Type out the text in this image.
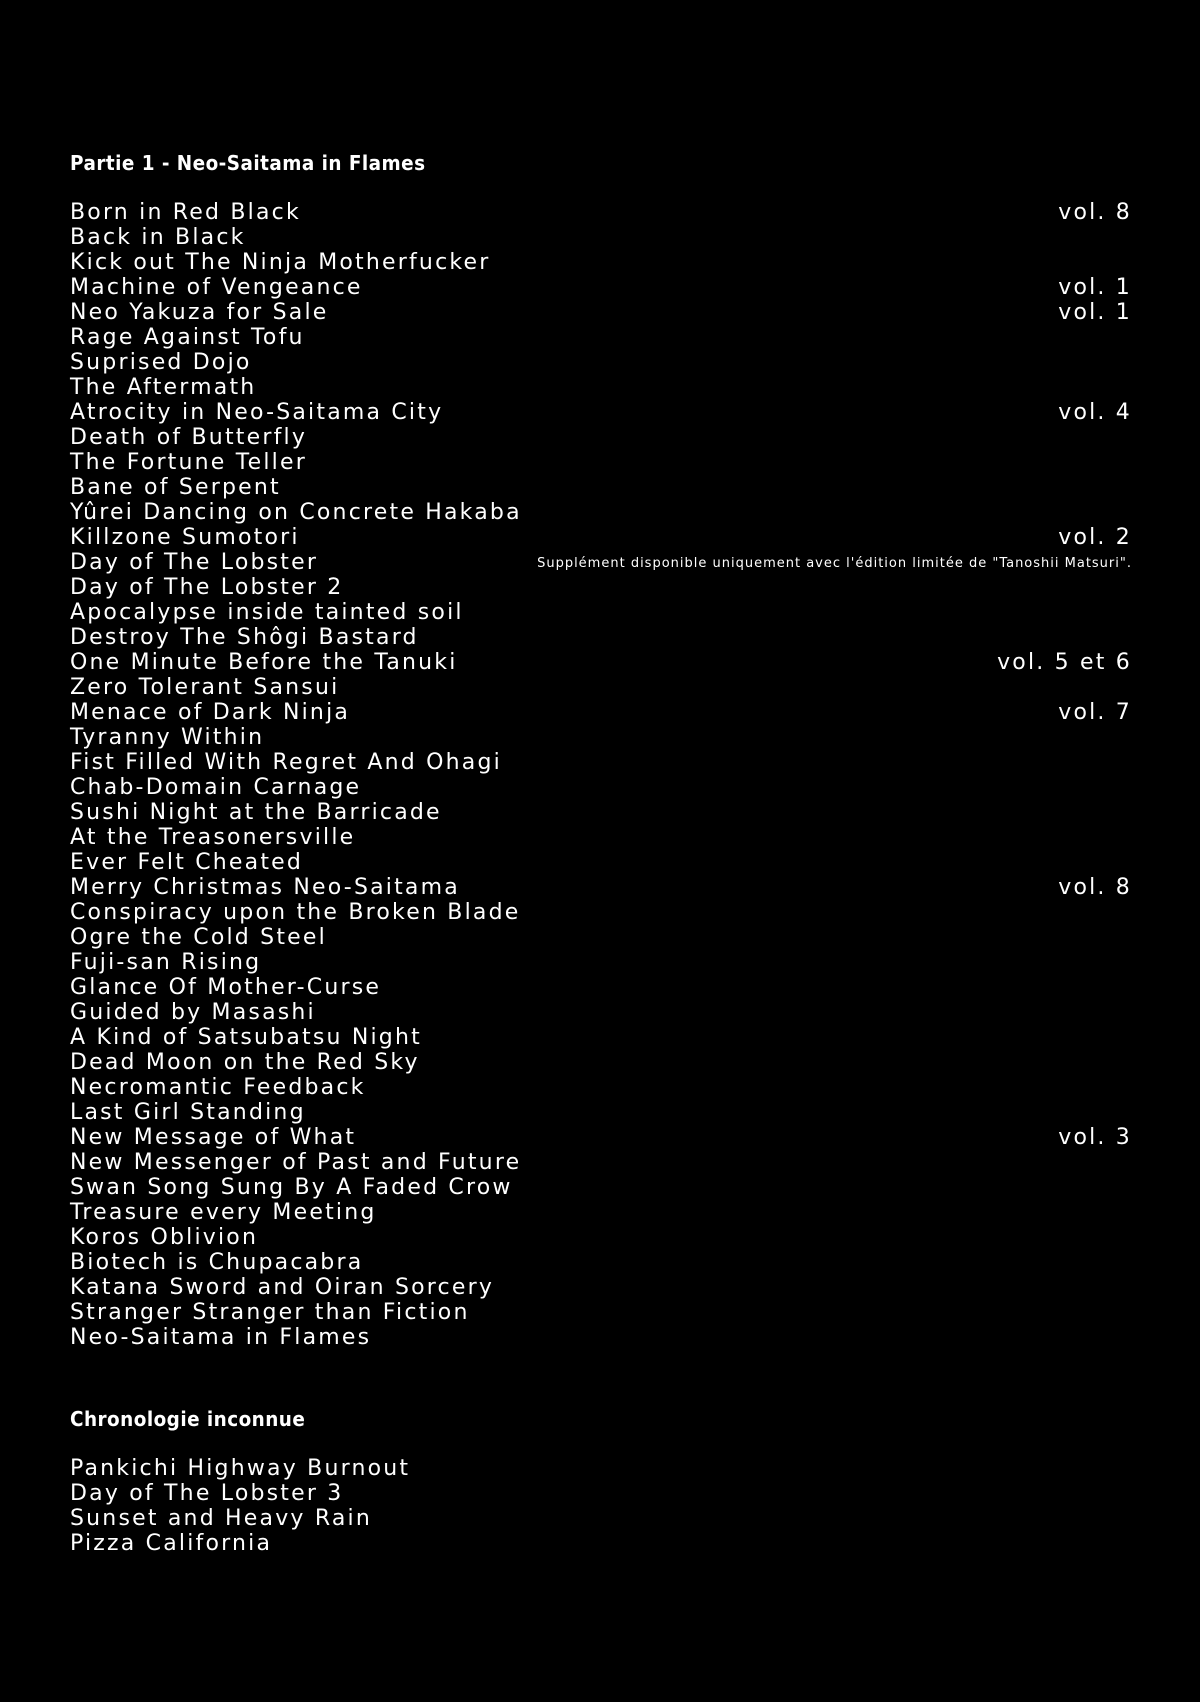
Partie 1 - Neo-Saitama in Flames
Born in Red Black	vol. 8
Back in Black
Kick out The Ninja Motherfucker
Machine of Vengeance	vol. 1
Neo Yakuza for Sale	vol. 1
Rage Against Tofu
Suprised Dojo
The Aftermath
Atrocity in Neo-Saitama City	vol. 4
Death of Butterfly
The Fortune Teller
Bane of Serpent
Yûrei Dancing on Concrete Hakaba
Killzone Sumotori	vol. 2
Day of The Lobster	Supplément disponible uniquement avec l'édition limitée de "Tanoshii Matsuri".
Day of The Lobster 2
Apocalypse inside tainted soil
Destroy The Shôgi Bastard
One Minute Before the Tanuki	vol. 5 et 6
Zero Tolerant Sansui
Menace of Dark Ninja	vol. 7
Tyranny Within
Fist Filled With Regret And Ohagi
Chab-Domain Carnage
Sushi Night at the Barricade
At the Treasonersville
Ever Felt Cheated
Merry Christmas Neo-Saitama	vol. 8
Conspiracy upon the Broken Blade
Ogre the Cold Steel
Fuji-san Rising
Glance Of Mother-Curse
Guided by Masashi
A Kind of Satsubatsu Night
Dead Moon on the Red Sky
Necromantic Feedback
Last Girl Standing
New Message of What	vol. 3
New Messenger of Past and Future
Swan Song Sung By A Faded Crow
Treasure every Meeting
Koros Oblivion
Biotech is Chupacabra
Katana Sword and Oiran Sorcery
Stranger Stranger than Fiction
Neo-Saitama in Flames
Chronologie inconnue
Pankichi Highway Burnout
Day of The Lobster 3
Sunset and Heavy Rain
Pizza California
